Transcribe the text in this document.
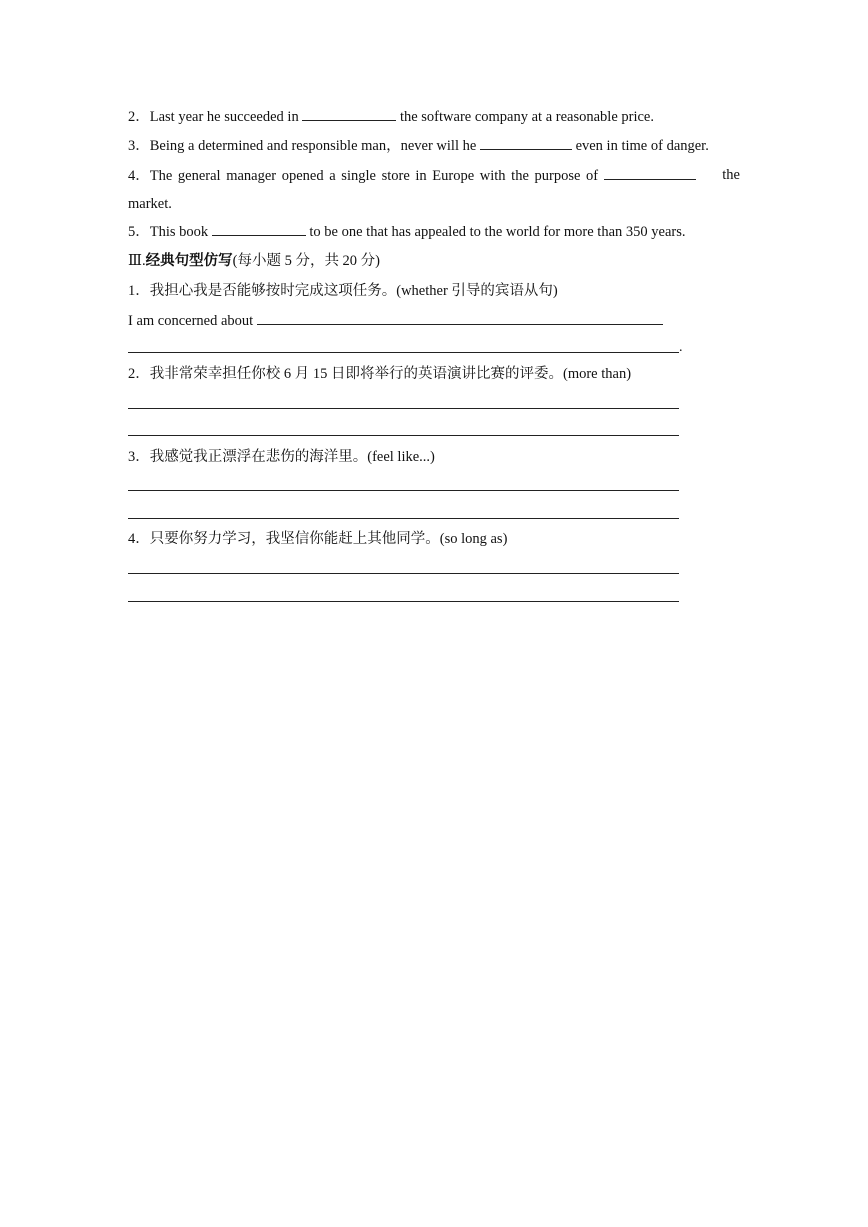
2．Last year he succeeded in	the software company at a reasonable price.
3．Being a determined and responsible man，never will he	even in time of danger.
4．The general manager opened a single store in Europe with the purpose of	the
market.
5．This book	to be one that has appealed to the world for more than 350 years.
Ⅲ.经典句型仿写(每小题 5 分，共 20 分)
1．我担心我是否能够按时完成这项任务。(whether 引导的宾语从句)
I am concerned about
.
2．我非常荣幸担任你校 6 月 15 日即将举行的英语演讲比赛的评委。(more than)
3．我感觉我正漂浮在悲伤的海洋里。(feel like...)
4．只要你努力学习，我坚信你能赶上其他同学。(so long as)
